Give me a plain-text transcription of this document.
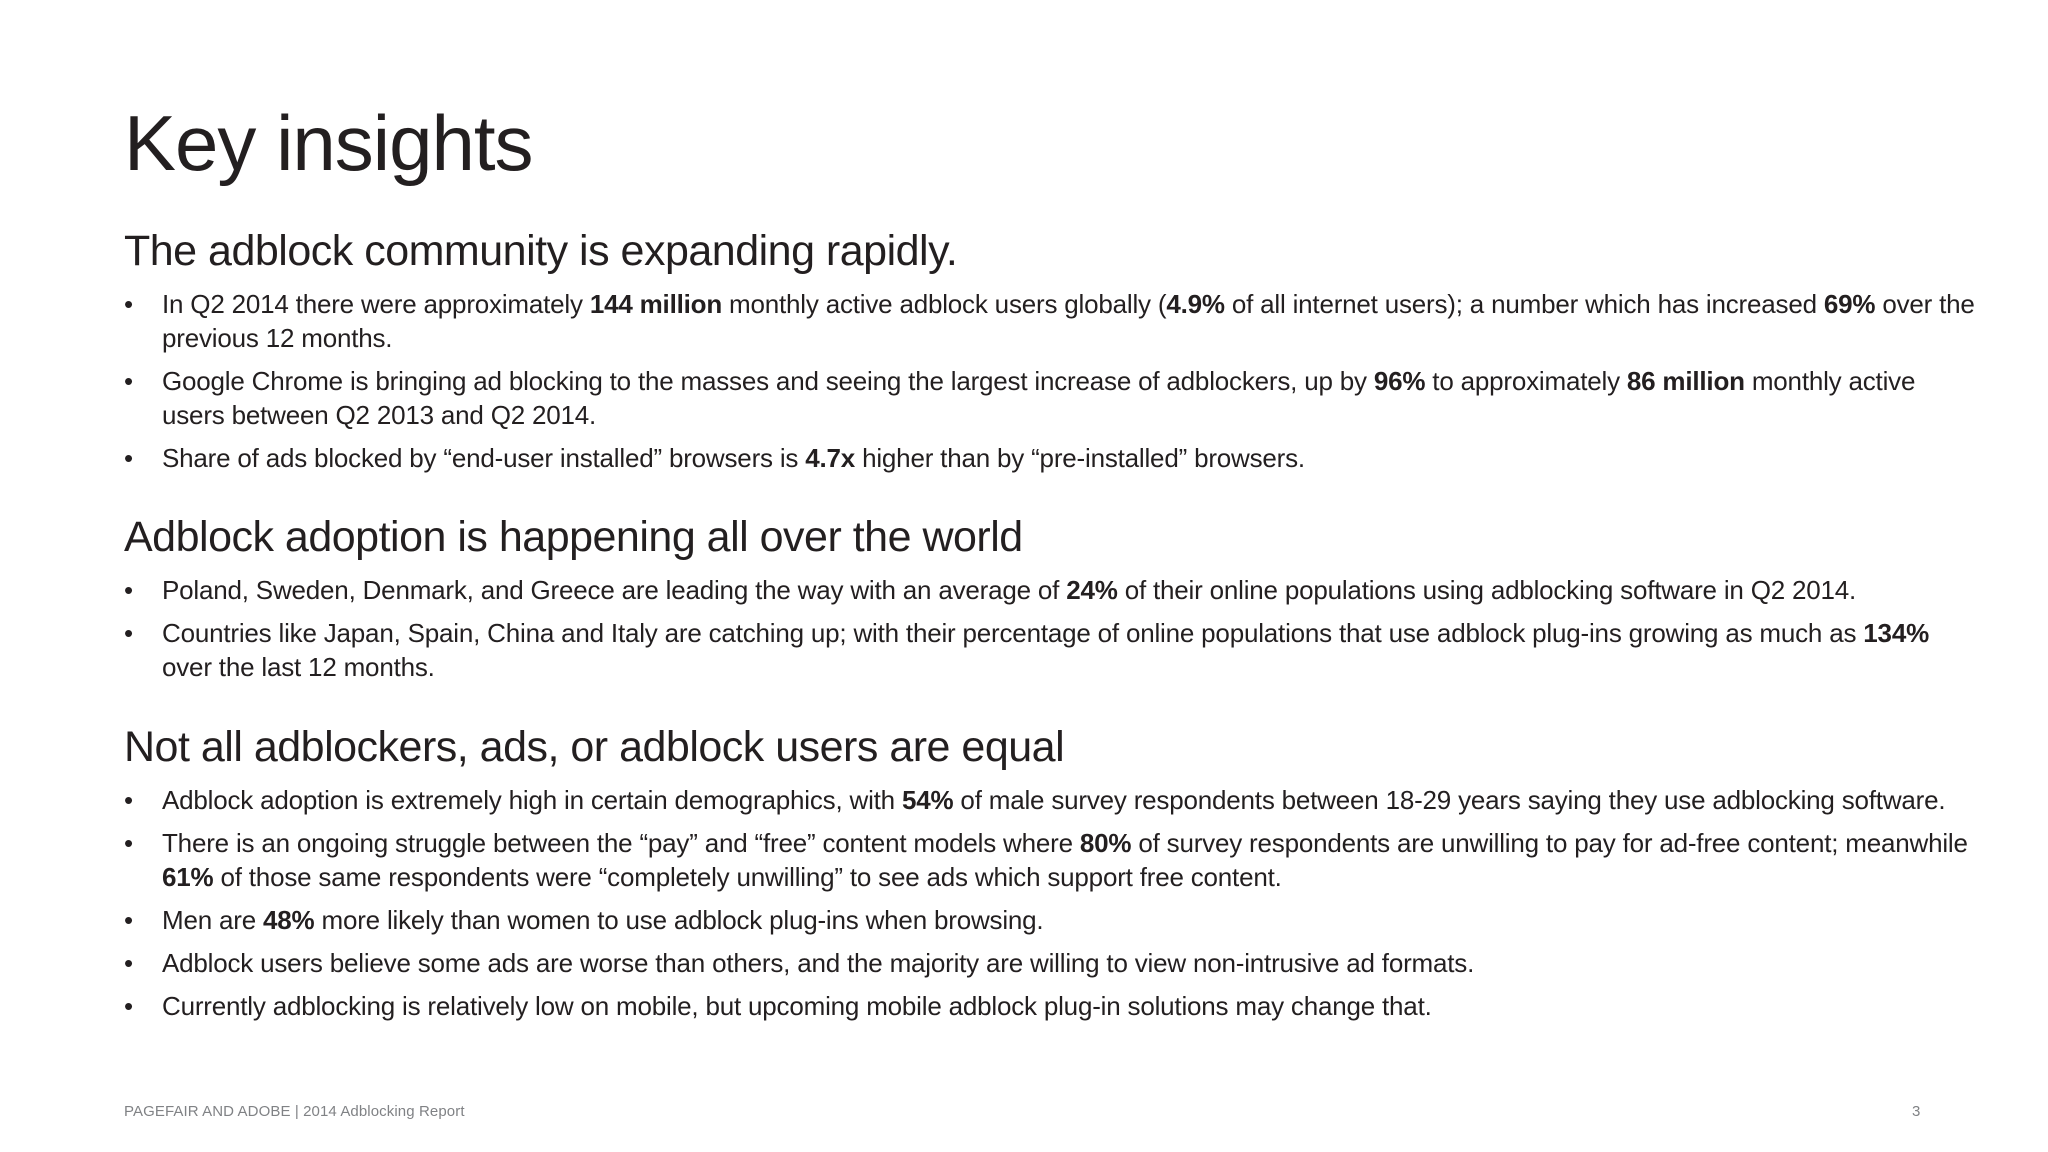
Key insights
The adblock community is expanding rapidly.
•	In Q2 2014 there were approximately 144 million monthly active adblock users globally (4.9% of all internet users); a number which has increased 69% over the previous 12 months.
•	Google Chrome is bringing ad blocking to the masses and seeing the largest increase of adblockers, up by 96% to approximately 86 million monthly active users between Q2 2013 and Q2 2014.
•	Share of ads blocked by “end-user installed” browsers is 4.7x higher than by “pre-installed” browsers.
Adblock adoption is happening all over the world
•	Poland, Sweden, Denmark, and Greece are leading the way with an average of 24% of their online populations using adblocking software in Q2 2014.
•	Countries like Japan, Spain, China and Italy are catching up; with their percentage of online populations that use adblock plug-ins growing as much as 134% over the last 12 months.
Not all adblockers, ads, or adblock users are equal
•	Adblock adoption is extremely high in certain demographics, with 54% of male survey respondents between 18-29 years saying they use adblocking software.
•	There is an ongoing struggle between the “pay” and “free” content models where 80% of survey respondents are unwilling to pay for ad-free content; meanwhile 61% of those same respondents were “completely unwilling” to see ads which support free content.
•	Men are 48% more likely than women to use adblock plug-ins when browsing.
•	Adblock users believe some ads are worse than others, and the majority are willing to view non-intrusive ad formats.
•	Currently adblocking is relatively low on mobile, but upcoming mobile adblock plug-in solutions may change that.
PAGEFAIR AND ADOBE | 2014 Adblocking Report	3
